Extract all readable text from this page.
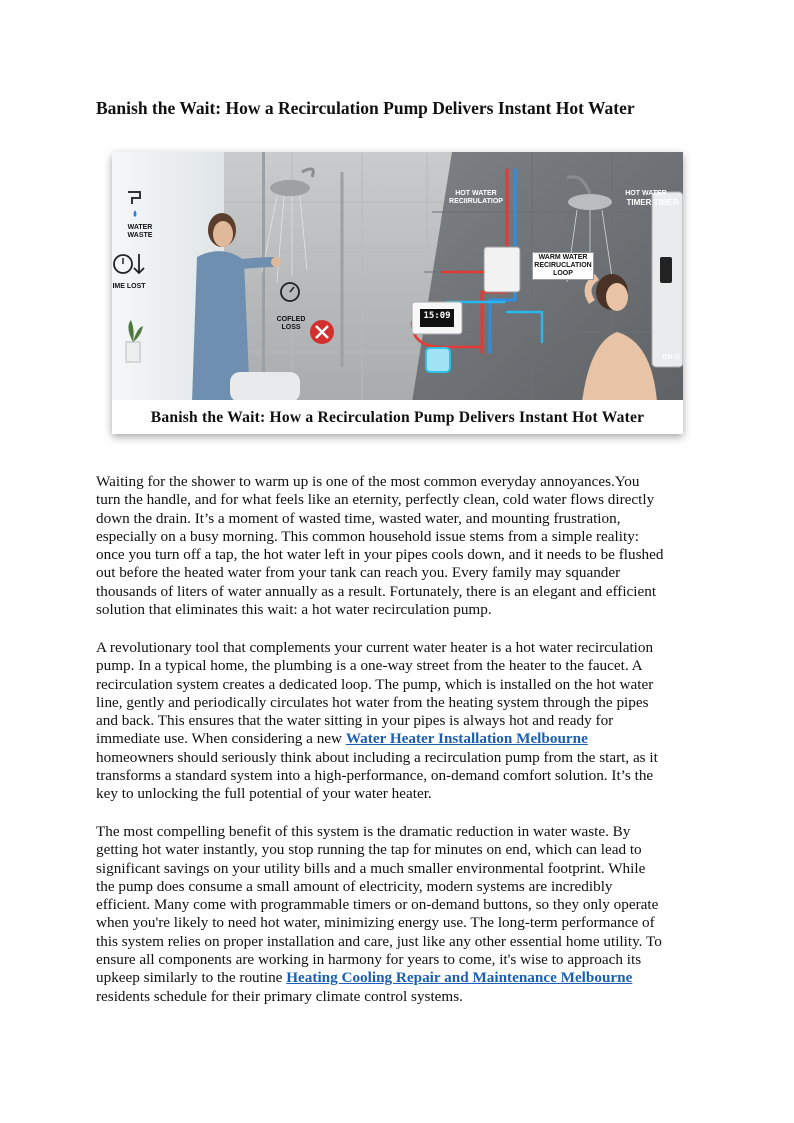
Banish the Wait: How a Recirculation Pump Delivers Instant Hot Water
WATER WASTE
IME LOST
COFLED LOSS
HOT WATER RECIIRULATIOP
WARM WATER RECIRUCLATION LOOP
HOT WATER
TIMER TIMER
ON-D
15:09
Banish the Wait: How a Recirculation Pump Delivers Instant Hot Water

Waiting for the shower to warm up is one of the most common everyday annoyances.You
turn the handle, and for what feels like an eternity, perfectly clean, cold water flows directly
down the drain. It’s a moment of wasted time, wasted water, and mounting frustration,
especially on a busy morning. This common household issue stems from a simple reality:
once you turn off a tap, the hot water left in your pipes cools down, and it needs to be flushed
out before the heated water from your tank can reach you. Every family may squander
thousands of liters of water annually as a result. Fortunately, there is an elegant and efficient
solution that eliminates this wait: a hot water recirculation pump.

A revolutionary tool that complements your current water heater is a hot water recirculation
pump. In a typical home, the plumbing is a one-way street from the heater to the faucet. A
recirculation system creates a dedicated loop. The pump, which is installed on the hot water
line, gently and periodically circulates hot water from the heating system through the pipes
and back. This ensures that the water sitting in your pipes is always hot and ready for
immediate use. When considering a new Water Heater Installation Melbourne
homeowners should seriously think about including a recirculation pump from the start, as it
transforms a standard system into a high-performance, on-demand comfort solution. It’s the
key to unlocking the full potential of your water heater.

The most compelling benefit of this system is the dramatic reduction in water waste. By
getting hot water instantly, you stop running the tap for minutes on end, which can lead to
significant savings on your utility bills and a much smaller environmental footprint. While
the pump does consume a small amount of electricity, modern systems are incredibly
efficient. Many come with programmable timers or on-demand buttons, so they only operate
when you're likely to need hot water, minimizing energy use. The long-term performance of
this system relies on proper installation and care, just like any other essential home utility. To
ensure all components are working in harmony for years to come, it's wise to approach its
upkeep similarly to the routine Heating Cooling Repair and Maintenance Melbourne
residents schedule for their primary climate control systems.
